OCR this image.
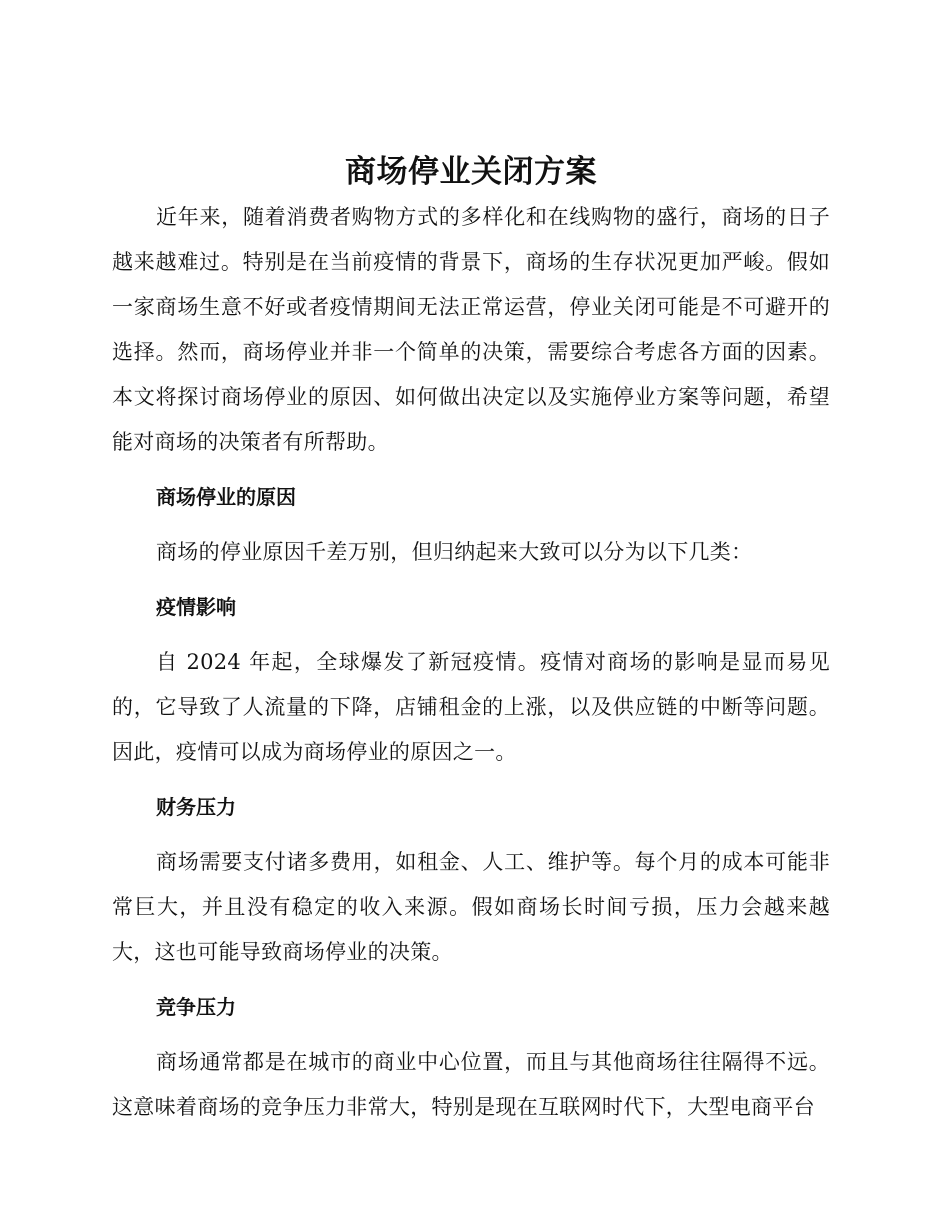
商场停业关闭方案

近年来，随着消费者购物方式的多样化和在线购物的盛行，商场的日子越来越难过。特别是在当前疫情的背景下，商场的生存状况更加严峻。假如一家商场生意不好或者疫情期间无法正常运营，停业关闭可能是不可避开的选择。然而，商场停业并非一个简单的决策，需要综合考虑各方面的因素。本文将探讨商场停业的原因、如何做出决定以及实施停业方案等问题，希望能对商场的决策者有所帮助。

商场停业的原因

商场的停业原因千差万别，但归纳起来大致可以分为以下几类：

疫情影响

自 2024 年起，全球爆发了新冠疫情。疫情对商场的影响是显而易见的，它导致了人流量的下降，店铺租金的上涨，以及供应链的中断等问题。因此，疫情可以成为商场停业的原因之一。

财务压力

商场需要支付诸多费用，如租金、人工、维护等。每个月的成本可能非常巨大，并且没有稳定的收入来源。假如商场长时间亏损，压力会越来越大，这也可能导致商场停业的决策。

竞争压力

商场通常都是在城市的商业中心位置，而且与其他商场往往隔得不远。这意味着商场的竞争压力非常大，特别是现在互联网时代下，大型电商平台
